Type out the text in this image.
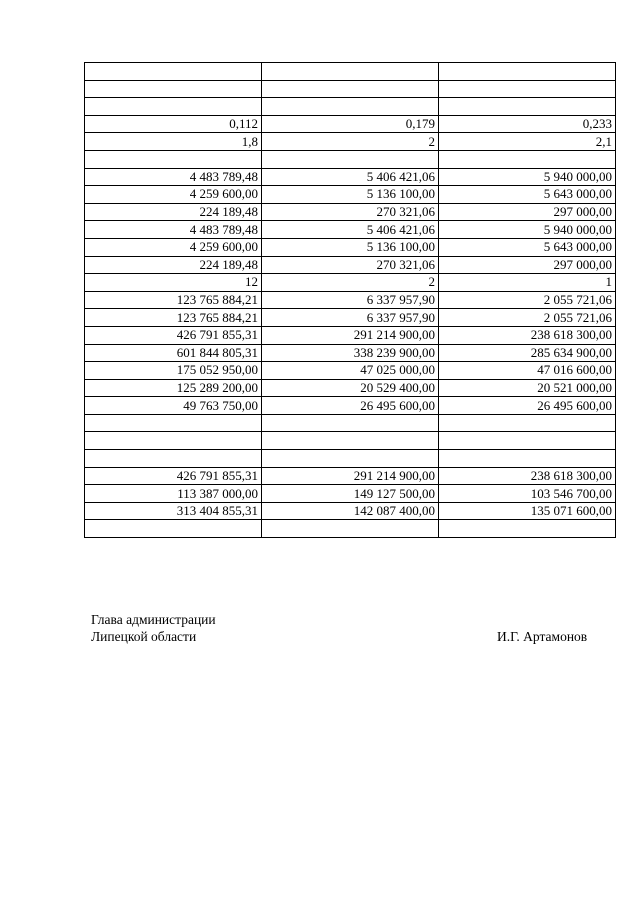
0,112	0,179	0,233
1,8	2	2,1

4 483 789,48	5 406 421,06	5 940 000,00
4 259 600,00	5 136 100,00	5 643 000,00
224 189,48	270 321,06	297 000,00
4 483 789,48	5 406 421,06	5 940 000,00
4 259 600,00	5 136 100,00	5 643 000,00
224 189,48	270 321,06	297 000,00
12	2	1
123 765 884,21	6 337 957,90	2 055 721,06
123 765 884,21	6 337 957,90	2 055 721,06
426 791 855,31	291 214 900,00	238 618 300,00
601 844 805,31	338 239 900,00	285 634 900,00
175 052 950,00	47 025 000,00	47 016 600,00
125 289 200,00	20 529 400,00	20 521 000,00
49 763 750,00	26 495 600,00	26 495 600,00

426 791 855,31	291 214 900,00	238 618 300,00
113 387 000,00	149 127 500,00	103 546 700,00
313 404 855,31	142 087 400,00	135 071 600,00

Глава администрации
Липецкой области	И.Г. Артамонов
